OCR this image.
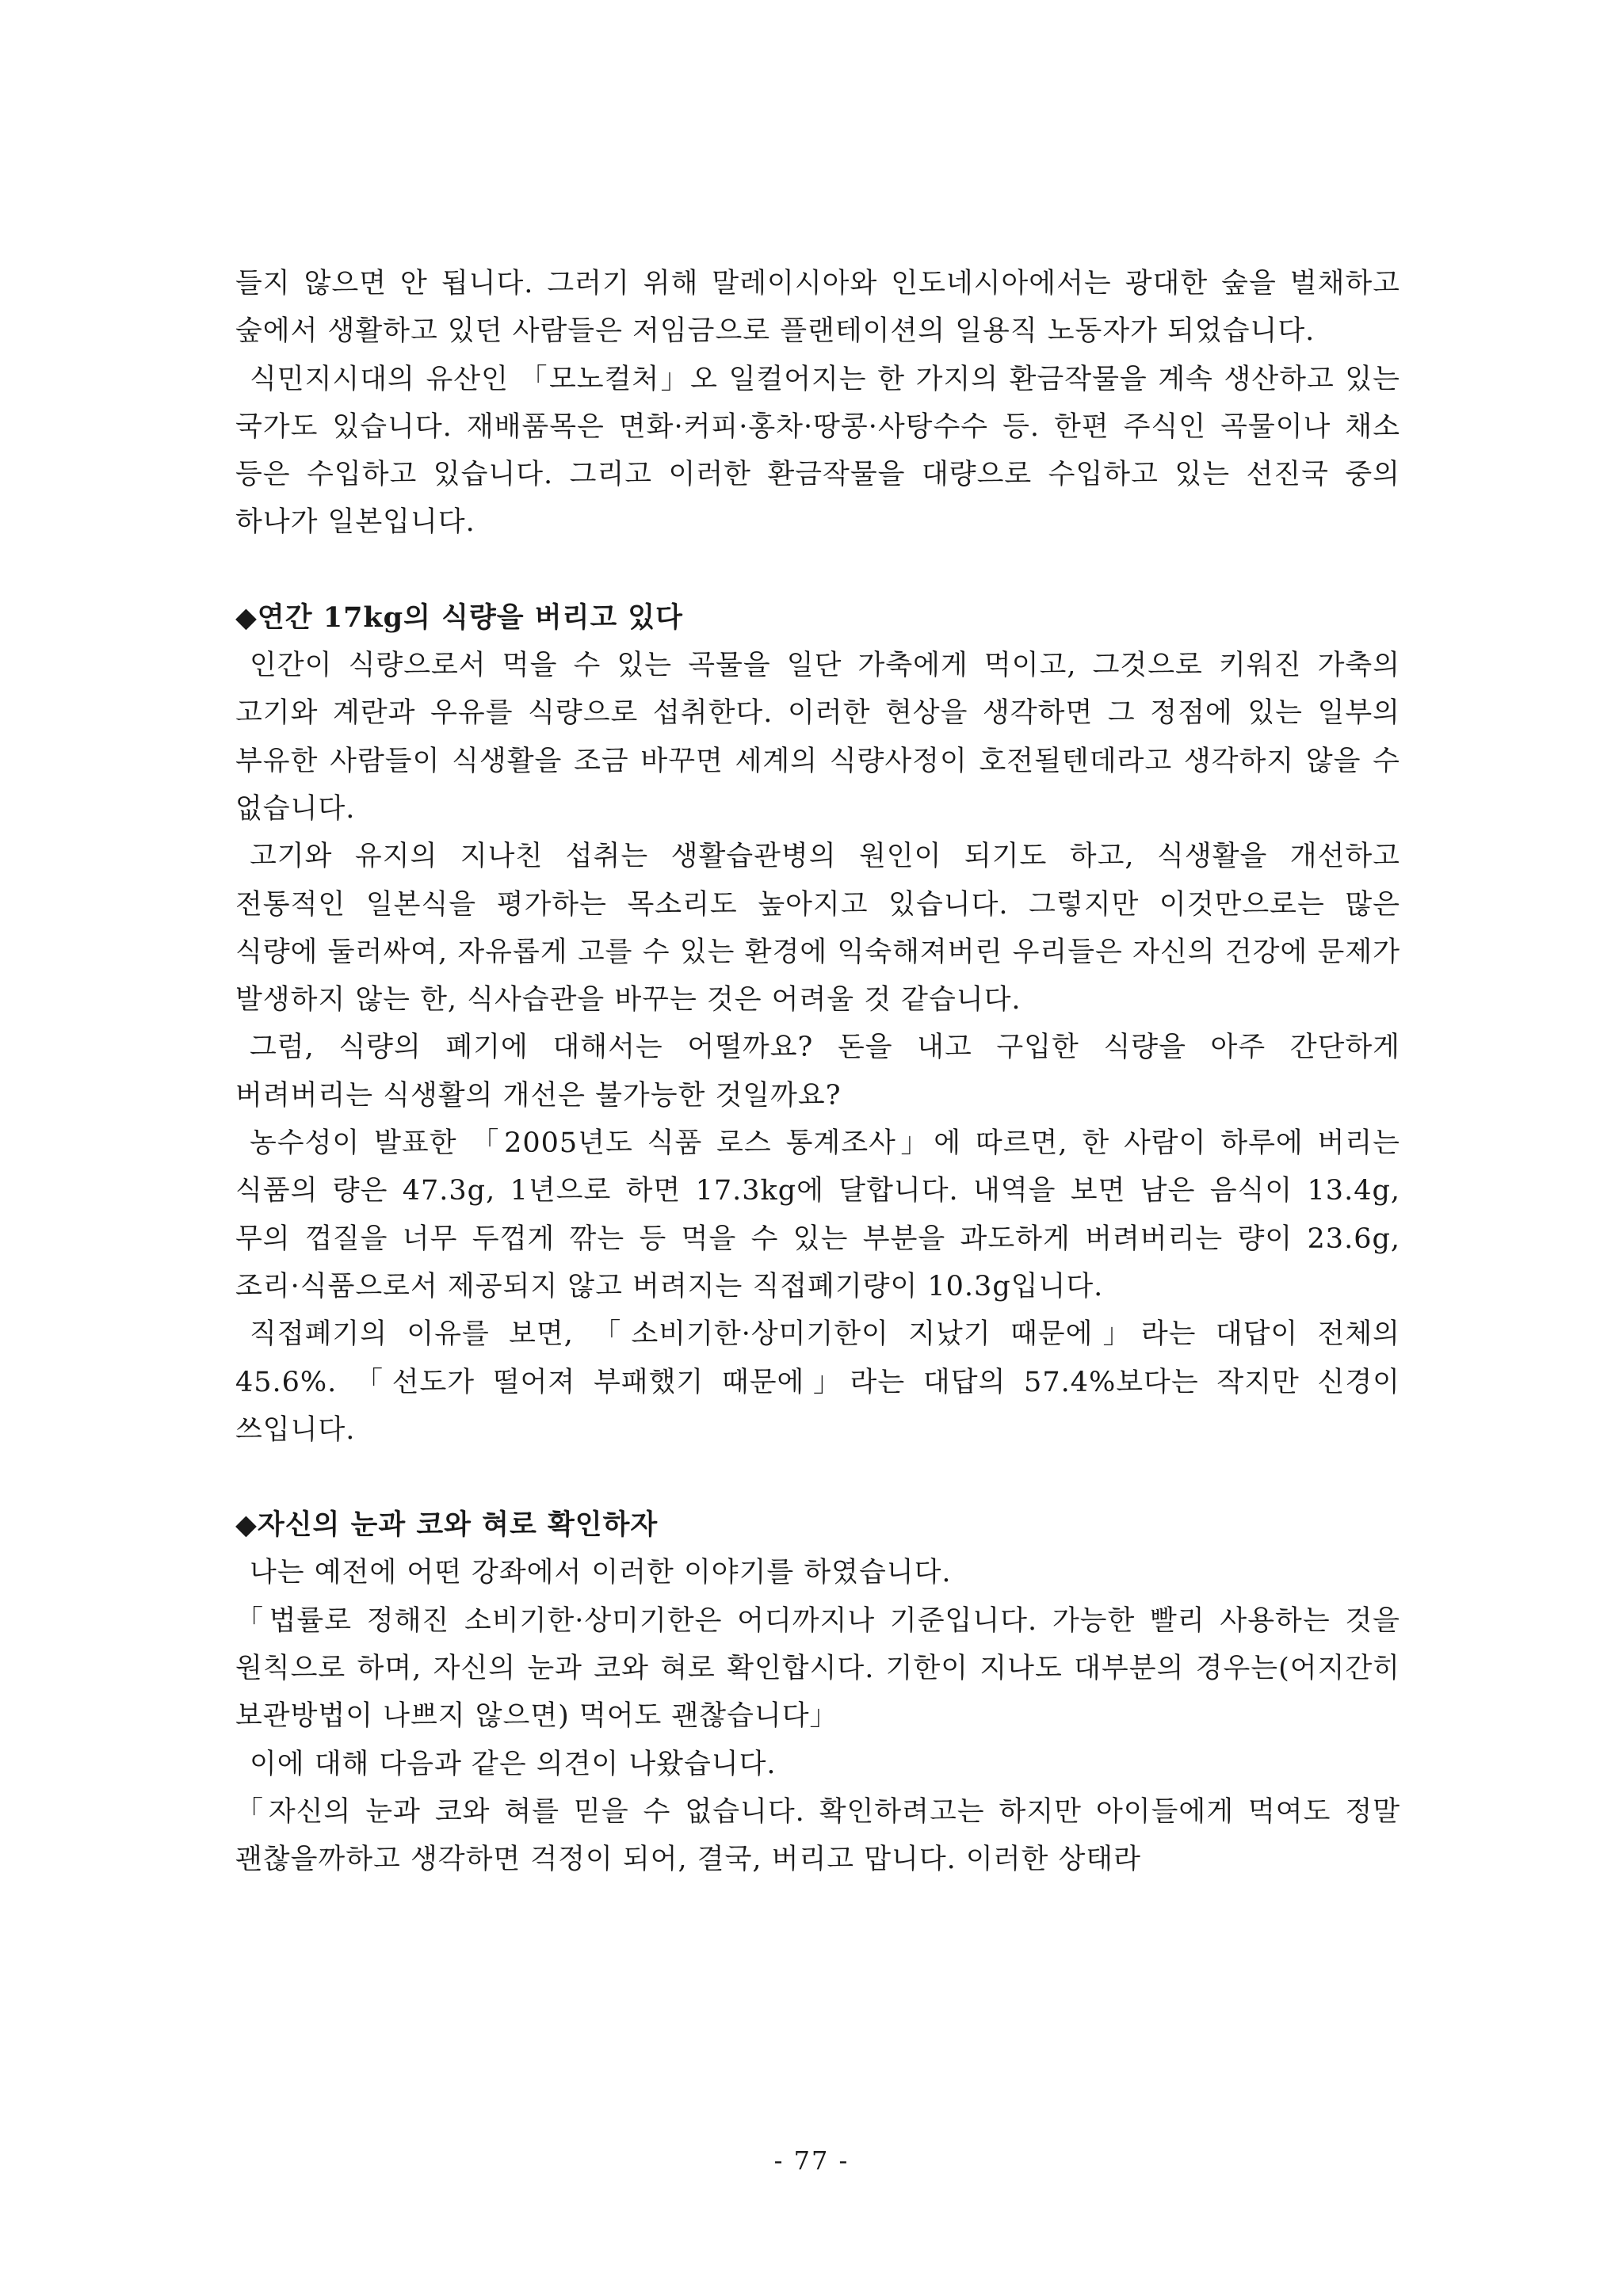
들지 않으면 안 됩니다. 그러기 위해 말레이시아와 인도네시아에서는 광대한 숲을 벌채하고 숲에서 생활하고 있던 사람들은 저임금으로 플랜테이션의 일용직 노동자가 되었습니다.

식민지시대의 유산인 「모노컬처」오 일컬어지는 한 가지의 환금작물을 계속 생산하고 있는 국가도 있습니다. 재배품목은 면화·커피·홍차·땅콩·사탕수수 등. 한편 주식인 곡물이나 채소 등은 수입하고 있습니다. 그리고 이러한 환금작물을 대량으로 수입하고 있는 선진국 중의 하나가 일본입니다.

◆연간 17kg의 식량을 버리고 있다

인간이 식량으로서 먹을 수 있는 곡물을 일단 가축에게 먹이고, 그것으로 키워진 가축의 고기와 계란과 우유를 식량으로 섭취한다. 이러한 현상을 생각하면 그 정점에 있는 일부의 부유한 사람들이 식생활을 조금 바꾸면 세계의 식량사정이 호전될텐데라고 생각하지 않을 수 없습니다.

고기와 유지의 지나친 섭취는 생활습관병의 원인이 되기도 하고, 식생활을 개선하고 전통적인 일본식을 평가하는 목소리도 높아지고 있습니다. 그렇지만 이것만으로는 많은 식량에 둘러싸여, 자유롭게 고를 수 있는 환경에 익숙해져버린 우리들은 자신의 건강에 문제가 발생하지 않는 한, 식사습관을 바꾸는 것은 어려울 것 같습니다.

그럼, 식량의 폐기에 대해서는 어떨까요? 돈을 내고 구입한 식량을 아주 간단하게 버려버리는 식생활의 개선은 불가능한 것일까요?

농수성이 발표한 「2005년도 식품 로스 통계조사」에 따르면, 한 사람이 하루에 버리는 식품의 량은 47.3g, 1년으로 하면 17.3kg에 달합니다. 내역을 보면 남은 음식이 13.4g, 무의 껍질을 너무 두껍게 깎는 등 먹을 수 있는 부분을 과도하게 버려버리는 량이 23.6g, 조리·식품으로서 제공되지 않고 버려지는 직접폐기량이 10.3g입니다.

직접폐기의 이유를 보면, 「소비기한·상미기한이 지났기 때문에」라는 대답이 전체의 45.6%. 「선도가 떨어져 부패했기 때문에」라는 대답의 57.4%보다는 작지만 신경이 쓰입니다.

◆자신의 눈과 코와 혀로 확인하자

나는 예전에 어떤 강좌에서 이러한 이야기를 하였습니다.

「법률로 정해진 소비기한·상미기한은 어디까지나 기준입니다. 가능한 빨리 사용하는 것을 원칙으로 하며, 자신의 눈과 코와 혀로 확인합시다. 기한이 지나도 대부분의 경우는(어지간히 보관방법이 나쁘지 않으면) 먹어도 괜찮습니다」

이에 대해 다음과 같은 의견이 나왔습니다.

「자신의 눈과 코와 혀를 믿을 수 없습니다. 확인하려고는 하지만 아이들에게 먹여도 정말 괜찮을까하고 생각하면 걱정이 되어, 결국, 버리고 맙니다. 이러한 상태라

- 77 -
